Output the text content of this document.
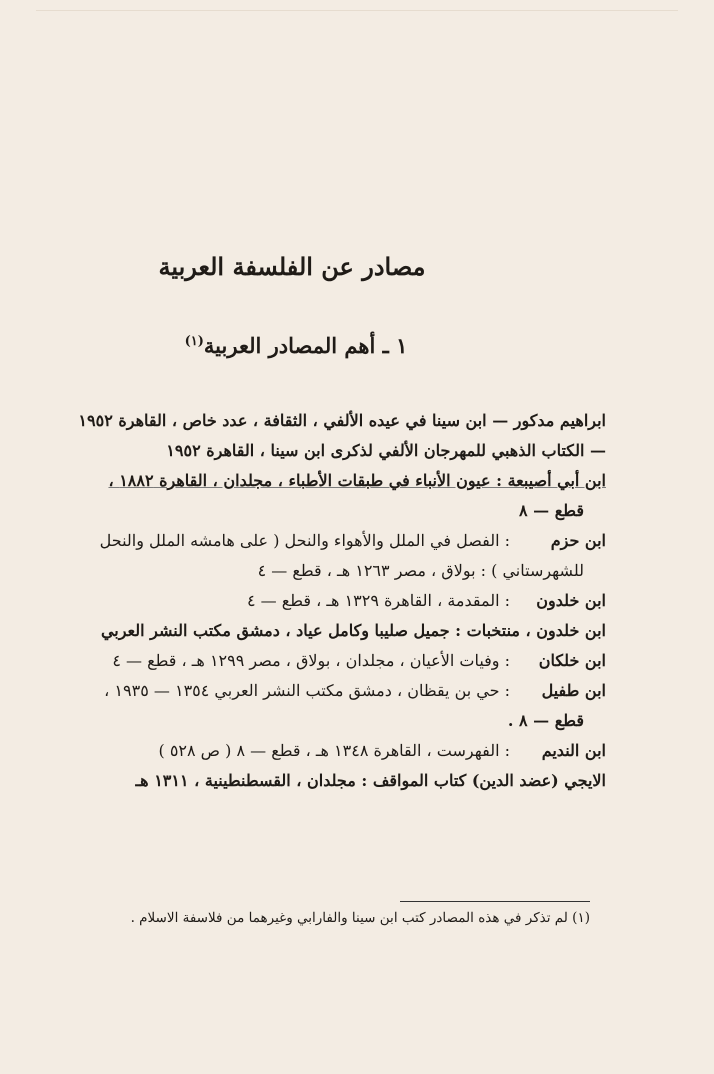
مصادر عن الفلسفة العربية
١ ـ أهم المصادر العربية$^{(١)}$
ابراهيم مدكور — ابن سينا في عيده الألفي ، الثقافة ، عدد خاص ، القاهرة ١٩٥٢
— الكتاب الذهبي للمهرجان الألفي لذكرى ابن سينا ، القاهرة ١٩٥٢
ابن أبي أصيبعة : عيون الأنباء في طبقات الأطباء ، مجلدان ، القاهرة ١٨٨٢ ،
قطع — ٨
ابن حزم: الفصل في الملل والأهواء والنحل ( على هامشه الملل والنحل
للشهرستاني ) : بولاق ، مصر ١٢٦٣ هـ ، قطع — ٤
ابن خلدون: المقدمة ، القاهرة ١٣٢٩ هـ ، قطع — ٤
ابن خلدون ، منتخبات : جميل صليبا وكامل عياد ، دمشق مكتب النشر العربي
ابن خلكان: وفيات الأعيان ، مجلدان ، بولاق ، مصر ١٢٩٩ هـ ، قطع — ٤
ابن طفيل: حي بن يقظان ، دمشق مكتب النشر العربي ١٣٥٤ — ١٩٣٥ ،
قطع — ٨ .
ابن النديم: الفهرست ، القاهرة ١٣٤٨ هـ ، قطع — ٨ ( ص ٥٢٨ )
الايجي (عضد الدين) كتاب المواقف : مجلدان ، القسطنطينية ، ١٣١١ هـ
(١) لم تذكر في هذه المصادر كتب ابن سينا والفارابي وغيرهما من فلاسفة الاسلام .
